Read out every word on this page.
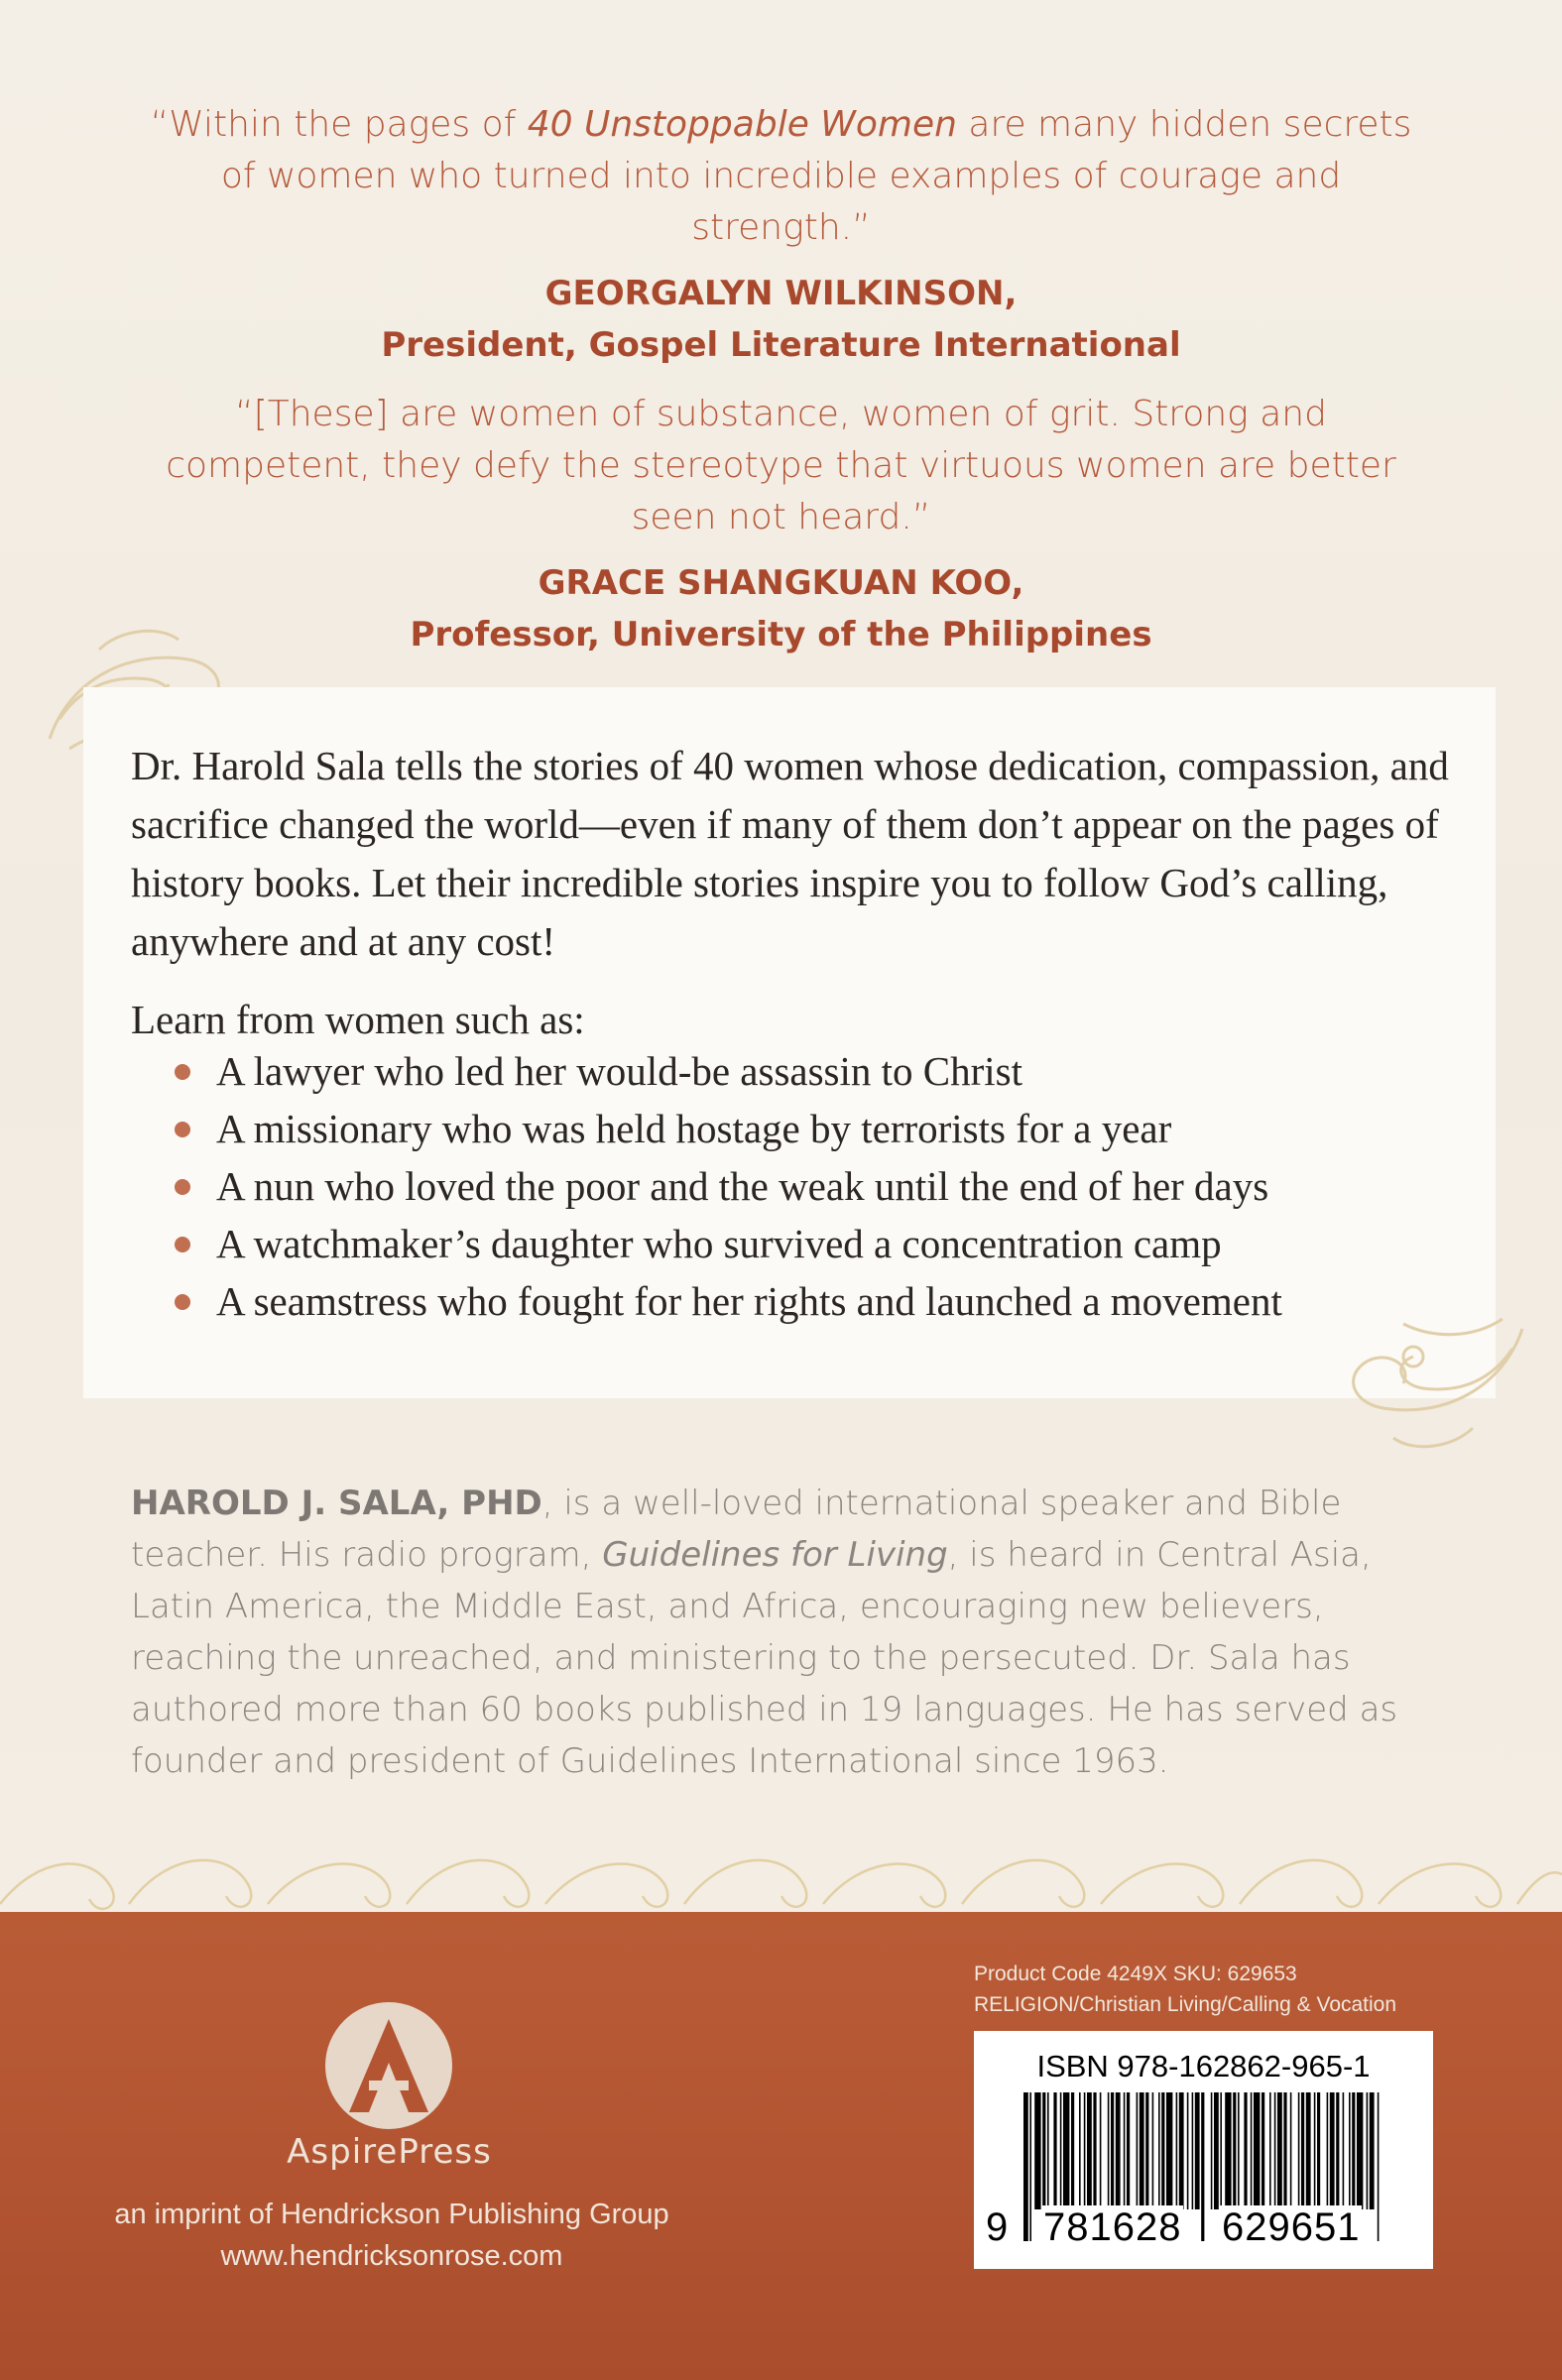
“Within the pages of 40 Unstoppable Women are many hidden secrets of women who turned into incredible examples of courage and strength.”
GEORGALYN WILKINSON,
President, Gospel Literature International
“[These] are women of substance, women of grit. Strong and competent, they defy the stereotype that virtuous women are better seen not heard.”
GRACE SHANGKUAN KOO,
Professor, University of the Philippines
Dr. Harold Sala tells the stories of 40 women whose dedication, compassion, and sacrifice changed the world—even if many of them don’t appear on the pages of history books. Let their incredible stories inspire you to follow God’s calling, anywhere and at any cost!
Learn from women such as:
A lawyer who led her would-be assassin to Christ
A missionary who was held hostage by terrorists for a year
A nun who loved the poor and the weak until the end of her days
A watchmaker’s daughter who survived a concentration camp
A seamstress who fought for her rights and launched a movement
HAROLD J. SALA, PHD, is a well-loved international speaker and Bible teacher. His radio program, Guidelines for Living, is heard in Central Asia, Latin America, the Middle East, and Africa, encouraging new believers, reaching the unreached, and ministering to the persecuted. Dr. Sala has authored more than 60 books published in 19 languages. He has served as founder and president of Guidelines International since 1963.
AspirePress
an imprint of Hendrickson Publishing Group
www.hendricksonrose.com
Product Code 4249X SKU: 629653
RELIGION/Christian Living/Calling & Vocation
ISBN 978-162862-965-1
9 781628 629651
